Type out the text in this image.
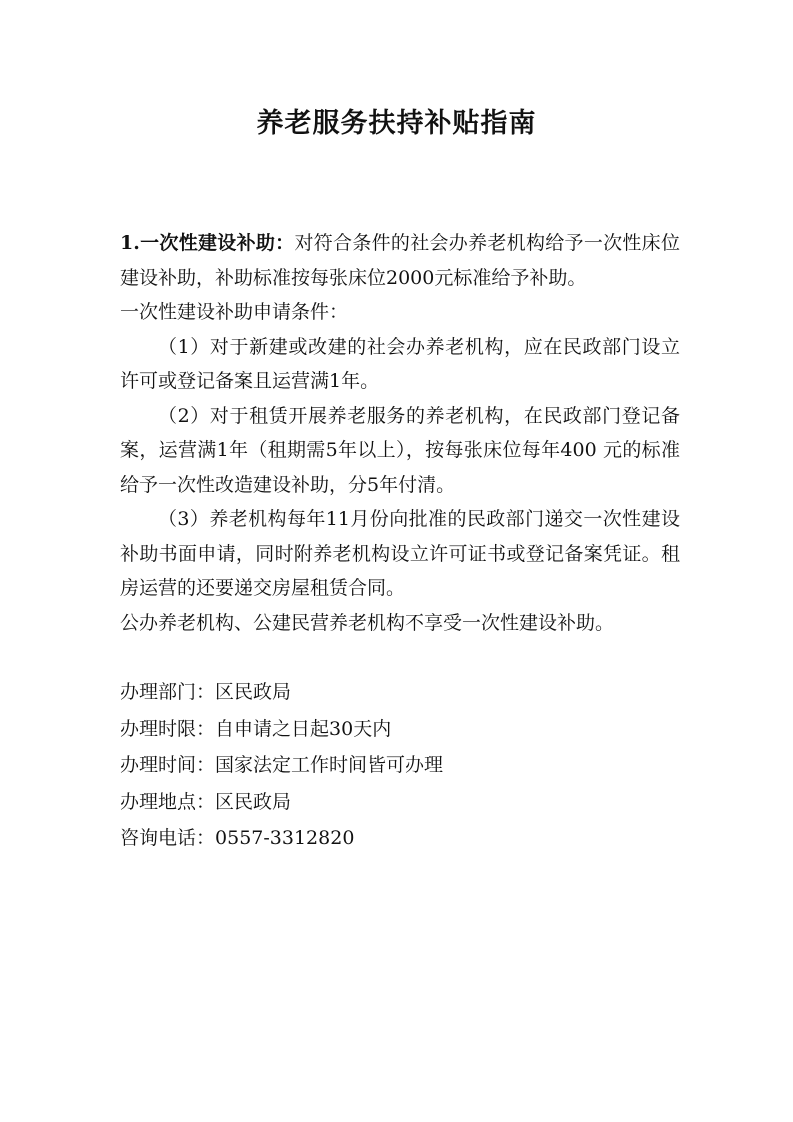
养老服务扶持补贴指南

1.一次性建设补助：对符合条件的社会办养老机构给予一次性床位建设补助，补助标准按每张床位2000元标准给予补助。

一次性建设补助申请条件：

（1）对于新建或改建的社会办养老机构，应在民政部门设立许可或登记备案且运营满1年。

（2）对于租赁开展养老服务的养老机构，在民政部门登记备案，运营满1年（租期需5年以上），按每张床位每年400 元的标准给予一次性改造建设补助，分5年付清。

（3）养老机构每年11月份向批准的民政部门递交一次性建设补助书面申请，同时附养老机构设立许可证书或登记备案凭证。租房运营的还要递交房屋租赁合同。

公办养老机构、公建民营养老机构不享受一次性建设补助。

办理部门：区民政局

办理时限：自申请之日起30天内

办理时间：国家法定工作时间皆可办理

办理地点：区民政局

咨询电话：0557-3312820
